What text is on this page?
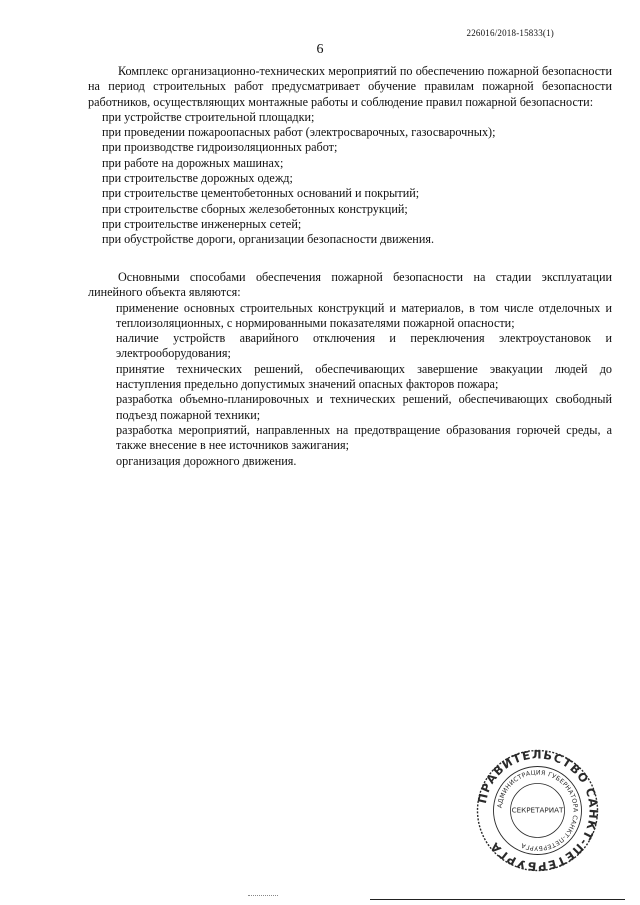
226016/2018-15833(1)
6

Комплекс организационно-технических мероприятий по обеспечению пожарной безопасности на период строительных работ предусматривает обучение правилам пожарной безопасности работников, осуществляющих монтажные работы и соблюдение правил пожарной безопасности:

при устройстве строительной площадки;
при проведении пожароопасных работ (электросварочных, газосварочных);
при производстве гидроизоляционных работ;
при работе на дорожных машинах;
при строительстве дорожных одежд;
при строительстве цементобетонных оснований и покрытий;
при строительстве сборных железобетонных конструкций;
при строительстве инженерных сетей;
при обустройстве дороги, организации безопасности движения.

Основными способами обеспечения пожарной безопасности на стадии эксплуатации линейного объекта являются:

применение основных строительных конструкций и материалов, в том числе отделочных и теплоизоляционных, с нормированными показателями пожарной опасности;
наличие устройств аварийного отключения и переключения электроустановок и электрооборудования;
принятие технических решений, обеспечивающих завершение эвакуации людей до наступления предельно допустимых значений опасных факторов пожара;
разработка объемно-планировочных и технических решений, обеспечивающих свободный подъезд пожарной техники;
разработка мероприятий, направленных на предотвращение образования горючей среды, а также внесение в нее источников зажигания;
организация дорожного движения.
ПРАВИТЕЛЬСТВО САНКТ-ПЕТЕРБУРГА
АДМИНИСТРАЦИЯ ГУБЕРНАТОРА САНКТ-ПЕТЕРБУРГА
СЕКРЕТАРИАТ
